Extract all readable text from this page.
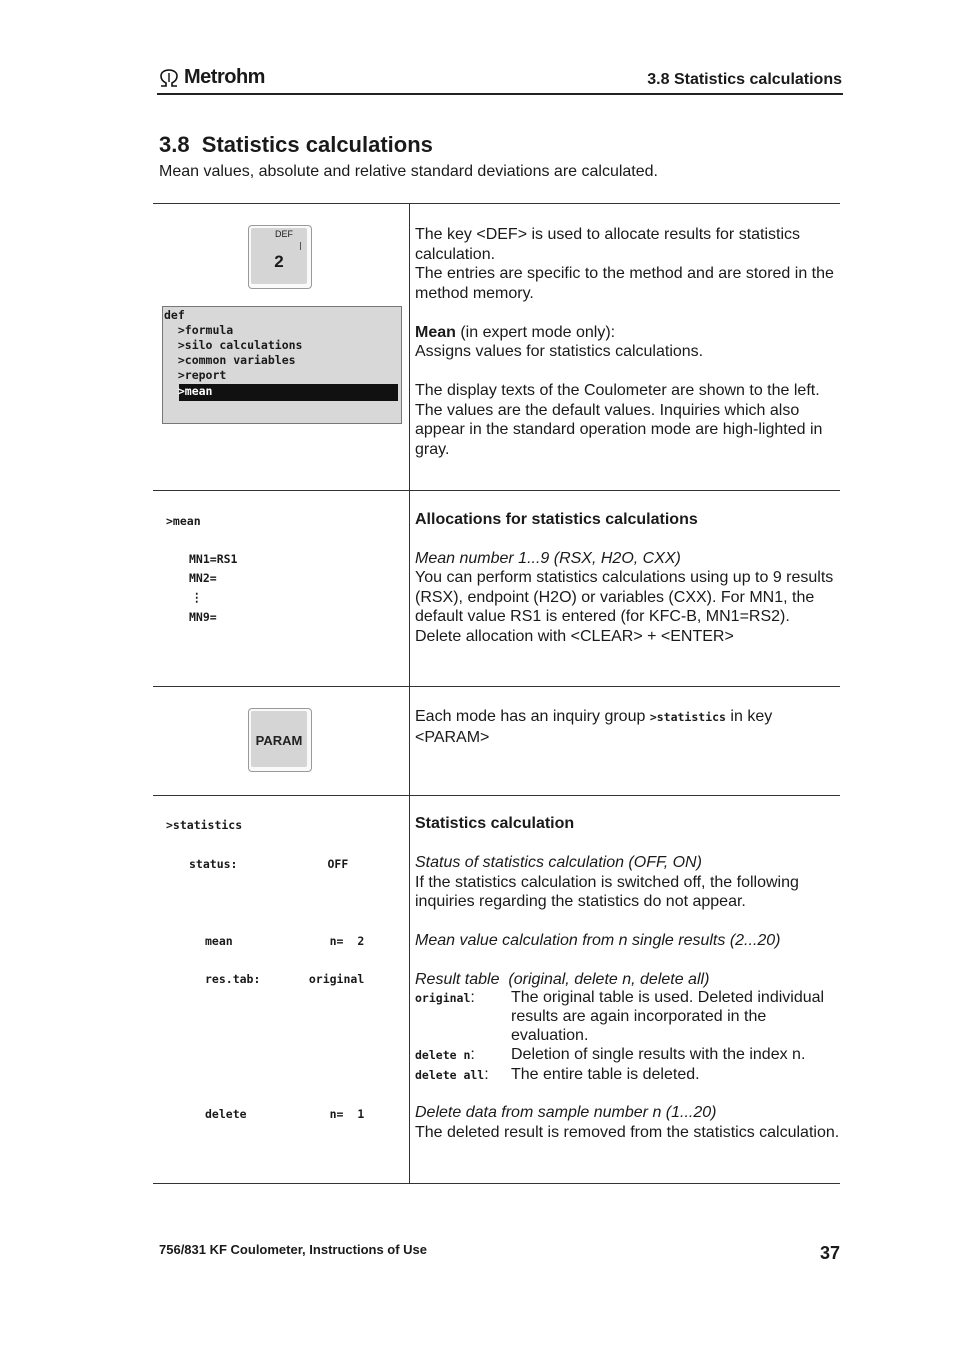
Metrohm	3.8 Statistics calculations
3.8  Statistics calculations
Mean values, absolute and relative standard deviations are calculated.
DEF
2
def
>formula
>silo calculations
>common variables
>report
>mean

The key <DEF> is used to allocate results for statistics calculation.

The entries are specific to the method and are stored in the method memory.

Mean (in expert mode only):

Assigns values for statistics calculations.

The display texts of the Coulometer are shown to the left. The values are the default values. Inquiries which also appear in the standard operation mode are high-lighted in gray.

>mean
MN1=RS1
MN2=
⋮
MN9=

Allocations for statistics calculations

Mean number 1...9 (RSX, H2O, CXX)

You can perform statistics calculations using up to 9 results (RSX), endpoint (H2O) or variables (CXX). For MN1, the default value RS1 is entered (for KFC-B, MN1=RS2).

Delete allocation with <CLEAR> + <ENTER>

PARAM

Each mode has an inquiry group >statistics in key <PARAM>

>statistics
status:             OFF
mean              n=  2
res.tab:       original
delete            n=  1

Statistics calculation

Status of statistics calculation (OFF, ON)

If the statistics calculation is switched off, the following inquiries regarding the statistics do not appear.

Mean value calculation from n single results (2...20)

Result table  (original, delete n, delete all)

original: The original table is used. Deleted individual results are again incorporated in the evaluation.
delete n: Deletion of single results with the index n.
delete all: The entire table is deleted.

Delete data from sample number n (1...20)

The deleted result is removed from the statistics calculation.

756/831 KF Coulometer, Instructions of Use	37
